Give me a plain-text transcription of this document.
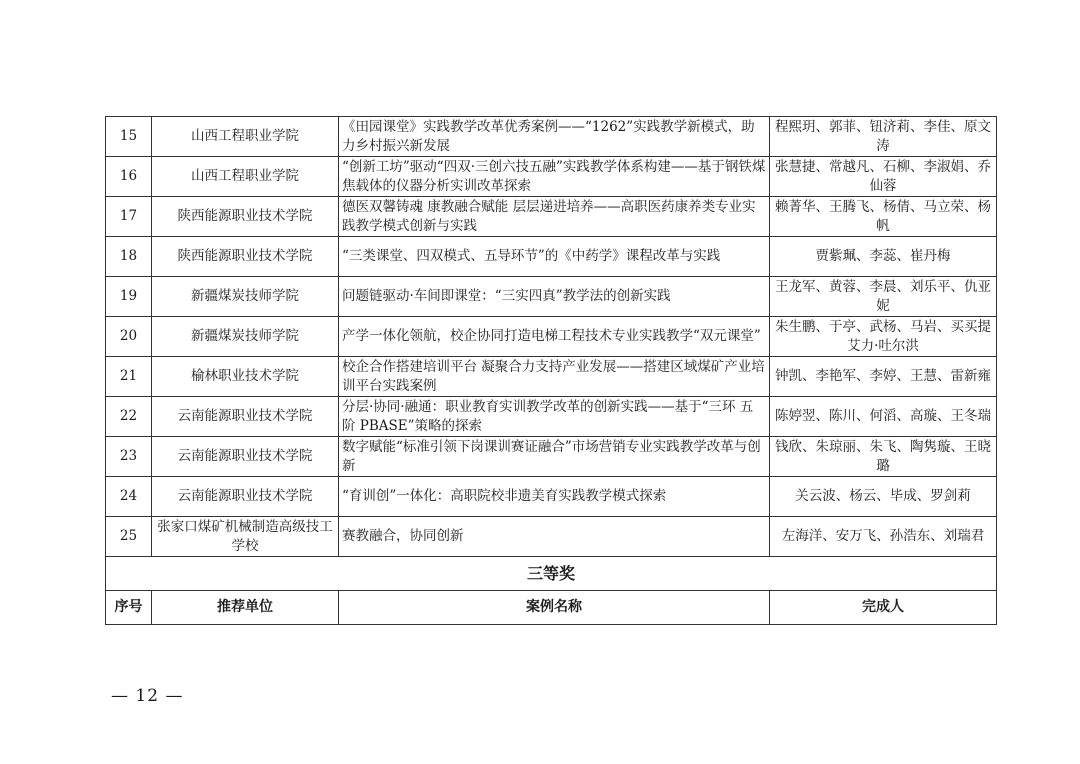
15	山西工程职业学院	《田园课堂》实践教学改革优秀案例——“1262”实践教学新模式，助力乡村振兴新发展	程熙玥、郭菲、钮济莉、李佳、原文涛
16	山西工程职业学院	“创新工坊”驱动“四双·三创六技五融”实践教学体系构建——基于钢铁煤焦载体的仪器分析实训改革探索	张慧捷、常越凡、石柳、李淑娟、乔仙蓉
17	陕西能源职业技术学院	德医双馨铸魂 康教融合赋能 层层递进培养——高职医药康养类专业实践教学模式创新与实践	赖菁华、王腾飞、杨倩、马立荣、杨帆
18	陕西能源职业技术学院	“三类课堂、四双模式、五导环节”的《中药学》课程改革与实践	贾紫珮、李蕊、崔丹梅
19	新疆煤炭技师学院	问题链驱动·车间即课堂：“三实四真”教学法的创新实践	王龙军、黄蓉、李晨、刘乐平、仇亚妮
20	新疆煤炭技师学院	产学一体化领航，校企协同打造电梯工程技术专业实践教学“双元课堂”	朱生鹏、于亭、武杨、马岩、买买提艾力·吐尔洪
21	榆林职业技术学院	校企合作搭建培训平台 凝聚合力支持产业发展——搭建区域煤矿产业培训平台实践案例	钟凯、李艳军、李婷、王慧、雷新雍
22	云南能源职业技术学院	分层·协同·融通：职业教育实训教学改革的创新实践——基于“三环 五阶 PBASE”策略的探索	陈婷翌、陈川、何滔、高璇、王冬瑞
23	云南能源职业技术学院	数字赋能“标准引领下岗课训赛证融合”市场营销专业实践教学改革与创新	钱欣、朱琼丽、朱飞、陶隽璇、王晓璐
24	云南能源职业技术学院	“育训创”一体化：高职院校非遗美育实践教学模式探索	关云波、杨云、毕成、罗剑莉
25	张家口煤矿机械制造高级技工学校	赛教融合，协同创新	左海洋、安万飞、孙浩东、刘瑞君
三等奖			
序号	推荐单位	案例名称	完成人
— 12 —
